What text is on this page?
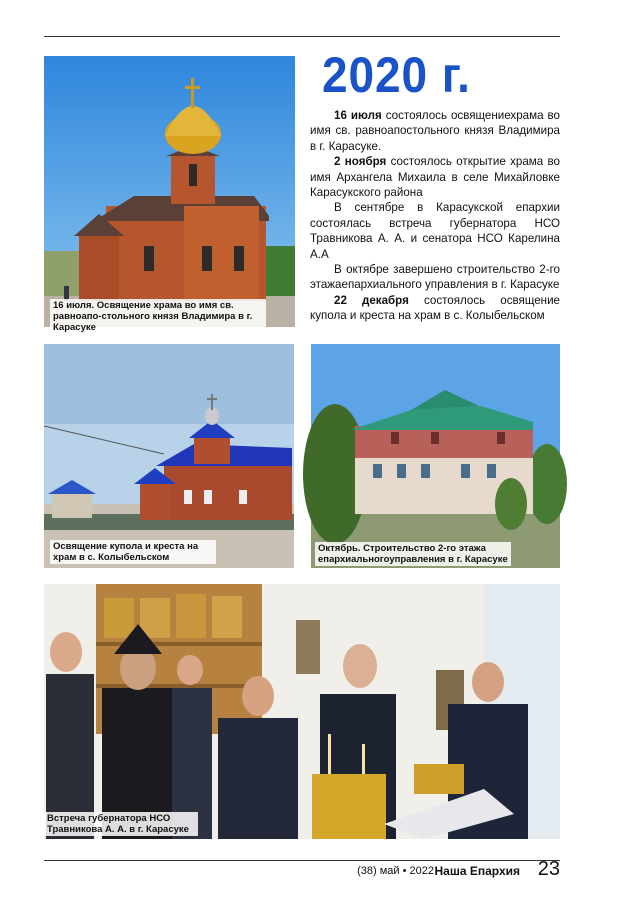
16 июля. Освящение храма во имя св. равноапо-стольного князя Владимира в г. Карасуке
2020 г.

16 июля состоялось освящениехрама во имя св. равноапостольного князя Владимира в г. Карасуке.

2 ноября состоялось открытие храма во имя Архангела Михаила в селе Михайловке Карасукского района

В сентябре в Карасукской епархии состоялась встреча губернатора НСО Травникова А. А. и сенатора НСО Карелина А.А

В октябре завершено строительство 2-го этажаепархиального управления в г. Карасуке

22 декабря состоялось освящение купола и креста на храм в с. Колыбельском

Освящение купола и креста на храм в с. Колыбельском
Октябрь. Строительство 2-го этажа епархиальногоуправления в г. Карасуке
Встреча губернатора НСО Травникова А. А. в г. Карасуке
(38) май • 2022 Наша Епархия 23
